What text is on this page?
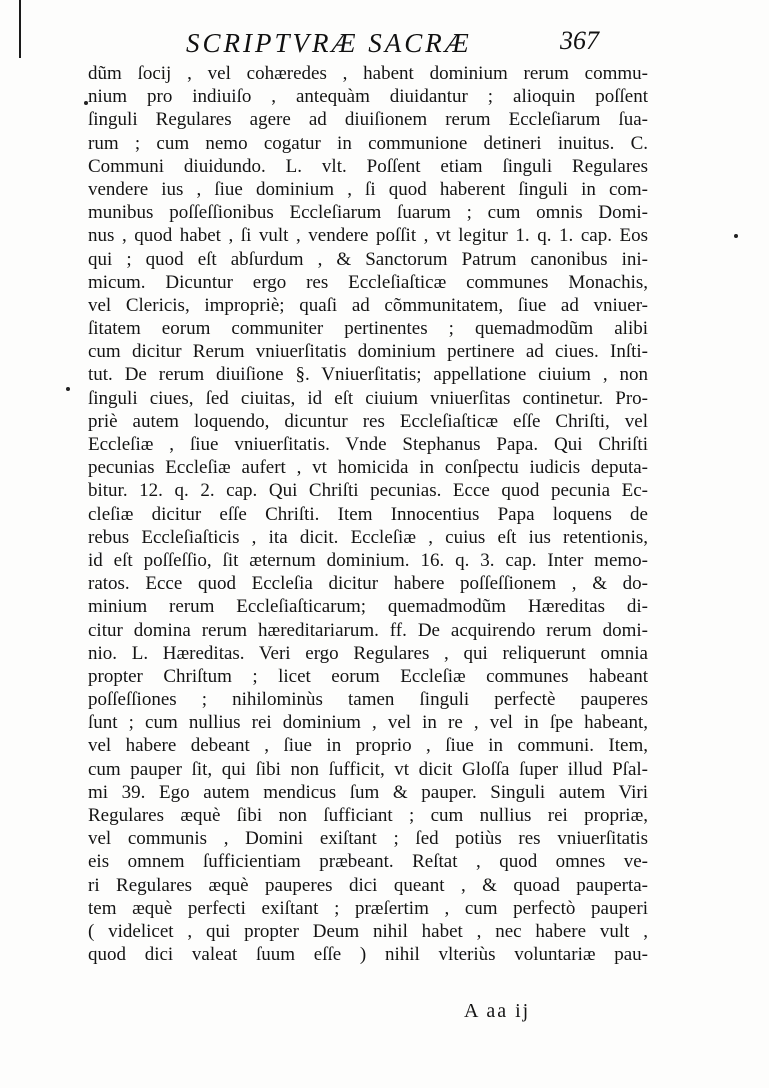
SCRIPTVRÆ SACRÆ	367
dũm ſocij , vel cohæredes , habent dominium rerum commu-
nium pro indiuiſo , antequàm diuidantur ; alioquin poſſent
ſinguli Regulares agere ad diuiſionem rerum Eccleſiarum ſua-
rum ; cum nemo cogatur in communione detineri inuitus. C.
Communi diuidundo. L. vlt. Poſſent etiam ſinguli Regulares
vendere ius , ſiue dominium , ſi quod haberent ſinguli in com-
munibus poſſeſſionibus Eccleſiarum ſuarum ; cum omnis Domi-
nus , quod habet , ſi vult , vendere poſſit , vt legitur 1. q. 1. cap. Eos
qui ; quod eſt abſurdum , & Sanctorum Patrum canonibus ini-
micum. Dicuntur ergo res Eccleſiaſticæ communes Monachis,
vel Clericis, impropriè; quaſi ad cõmmunitatem, ſiue ad vniuer-
ſitatem eorum communiter pertinentes ; quemadmodũm alibi
cum dicitur Rerum vniuerſitatis dominium pertinere ad ciues. Inſti-
tut. De rerum diuiſione §. Vniuerſitatis; appellatione ciuium , non
ſinguli ciues, ſed ciuitas, id eſt ciuium vniuerſitas continetur. Pro-
priè autem loquendo, dicuntur res Eccleſiaſticæ eſſe Chriſti, vel
Eccleſiæ , ſiue vniuerſitatis. Vnde Stephanus Papa. Qui Chriſti
pecunias Eccleſiæ aufert , vt homicida in conſpectu iudicis deputa-
bitur. 12. q. 2. cap. Qui Chriſti pecunias. Ecce quod pecunia Ec-
cleſiæ dicitur eſſe Chriſti. Item Innocentius Papa loquens de
rebus Eccleſiaſticis , ita dicit. Eccleſiæ , cuius eſt ius retentionis,
id eſt poſſeſſio, ſit æternum dominium. 16. q. 3. cap. Inter memo-
ratos. Ecce quod Eccleſia dicitur habere poſſeſſionem , & do-
minium rerum Eccleſiaſticarum; quemadmodũm Hæreditas di-
citur domina rerum hæreditariarum. ff. De acquirendo rerum domi-
nio. L. Hæreditas. Veri ergo Regulares , qui reliquerunt omnia
propter Chriſtum ; licet eorum Eccleſiæ communes habeant
poſſeſſiones ; nihilominùs tamen ſinguli perfectè pauperes
ſunt ; cum nullius rei dominium , vel in re , vel in ſpe habeant,
vel habere debeant , ſiue in proprio , ſiue in communi. Item,
cum pauper ſit, qui ſibi non ſufficit, vt dicit Gloſſa ſuper illud Pſal-
mi 39. Ego autem mendicus ſum & pauper. Singuli autem Viri
Regulares æquè ſibi non ſufficiant ; cum nullius rei propriæ,
vel communis , Domini exiſtant ; ſed potiùs res vniuerſitatis
eis omnem ſufficientiam præbeant. Reſtat , quod omnes ve-
ri Regulares æquè pauperes dici queant , & quoad pauperta-
tem æquè perfecti exiſtant ; præſertim , cum perfectò pauperi
( videlicet , qui propter Deum nihil habet , nec habere vult ,
quod dici valeat ſuum eſſe ) nihil vlteriùs voluntariæ pau-
A aa ij
